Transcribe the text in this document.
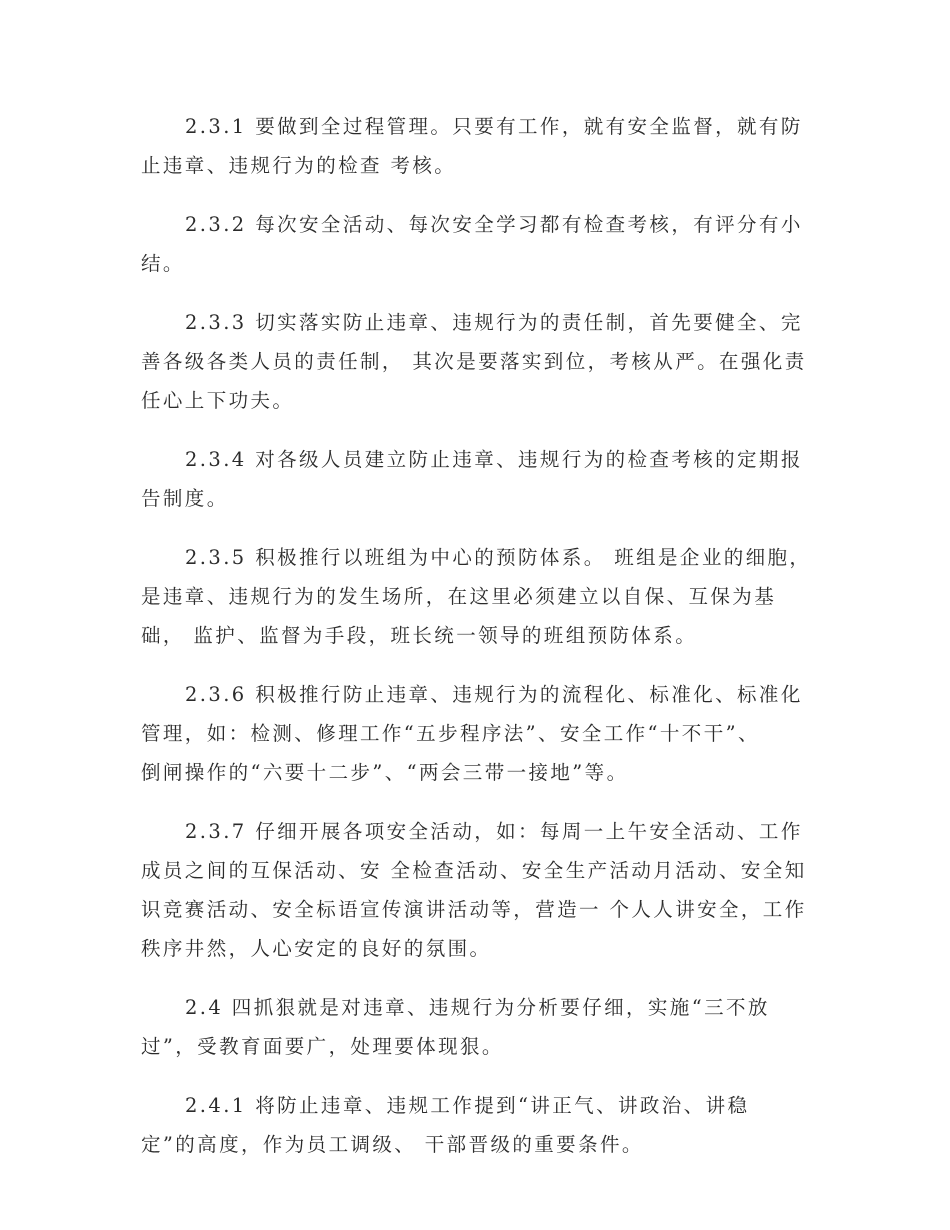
2.3.1 要做到全过程管理。只要有工作，就有安全监督，就有防
止违章、违规行为的检查 考核。

2.3.2 每次安全活动、每次安全学习都有检查考核，有评分有小
结。

2.3.3 切实落实防止违章、违规行为的责任制，首先要健全、完
善各级各类人员的责任制， 其次是要落实到位，考核从严。在强化责
任心上下功夫。

2.3.4 对各级人员建立防止违章、违规行为的检查考核的定期报
告制度。

2.3.5 积极推行以班组为中心的预防体系。 班组是企业的细胞，
是违章、违规行为的发生场所，在这里必须建立以自保、互保为基
础， 监护、监督为手段，班长统一领导的班组预防体系。

2.3.6 积极推行防止违章、违规行为的流程化、标准化、标准化
管理，如：检测、修理工作“五步程序法”、安全工作“十不干”、
倒闸操作的“六要十二步”、“两会三带一接地”等。

2.3.7 仔细开展各项安全活动，如：每周一上午安全活动、工作
成员之间的互保活动、安 全检查活动、安全生产活动月活动、安全知
识竞赛活动、安全标语宣传演讲活动等，营造一 个人人讲安全，工作
秩序井然，人心安定的良好的氛围。

2.4 四抓狠就是对违章、违规行为分析要仔细，实施“三不放
过”，受教育面要广，处理要体现狠。

2.4.1 将防止违章、违规工作提到“讲正气、讲政治、讲稳
定”的高度，作为员工调级、 干部晋级的重要条件。
